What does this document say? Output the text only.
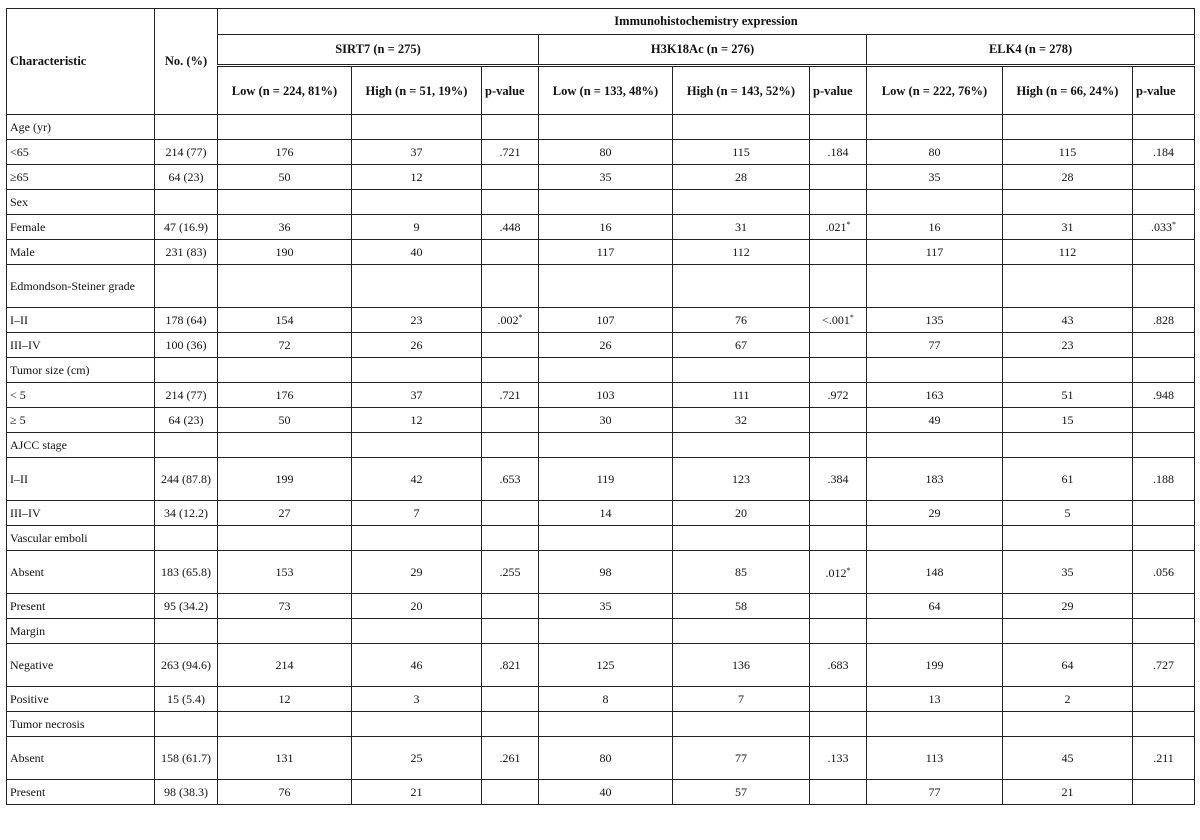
Characteristic	No. (%)	Immunohistochemistry expression								
		SIRT7 (n = 275)			H3K18Ac (n = 276)			ELK4 (n = 278)		
		Low (n = 224, 81%)	High (n = 51, 19%)	p-value	Low (n = 133, 48%)	High (n = 143, 52%)	p-value	Low (n = 222, 76%)	High (n = 66, 24%)	p-value
Age (yr)										
<65	214 (77)	176	37	.721	80	115	.184	80	115	.184
≥65	64 (23)	50	12		35	28		35	28	
Sex										
Female	47 (16.9)	36	9	.448	16	31	.021*	16	31	.033*
Male	231 (83)	190	40		117	112		117	112	
Edmondson-Steiner grade										
I–II	178 (64)	154	23	.002*	107	76	<.001*	135	43	.828
III–IV	100 (36)	72	26		26	67		77	23	
Tumor size (cm)										
< 5	214 (77)	176	37	.721	103	111	.972	163	51	.948
≥ 5	64 (23)	50	12		30	32		49	15	
AJCC stage										
I–II	244 (87.8)	199	42	.653	119	123	.384	183	61	.188
III–IV	34 (12.2)	27	7		14	20		29	5	
Vascular emboli										
Absent	183 (65.8)	153	29	.255	98	85	.012*	148	35	.056
Present	95 (34.2)	73	20		35	58		64	29	
Margin										
Negative	263 (94.6)	214	46	.821	125	136	.683	199	64	.727
Positive	15 (5.4)	12	3		8	7		13	2	
Tumor necrosis										
Absent	158 (61.7)	131	25	.261	80	77	.133	113	45	.211
Present	98 (38.3)	76	21		40	57		77	21	
